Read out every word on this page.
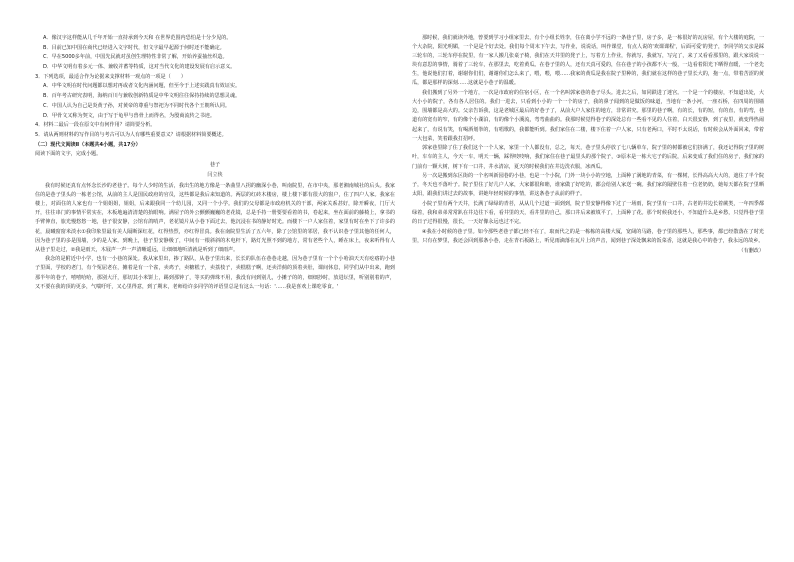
A．像汉字这样能从几千年开始一直持承到今天和 在世界范围内恐怕是十分少见的。

B．目前已知中国在商代已经进入文字时代，但文字最早起源于何时还不能确定。

C．早在5000多年前，中国先民就对虽创生理特性非常了解，开始养蚕抽丝织造。

D．中华文明有着多元一体、兼收并蓄等特质，这对当代文化的建设发展有启示意义。

3．下列选项，最适合作为论据来支撑材料一观点的一项是（　　）

A．中华文明在时代问题都以想对再或者文化内涵问题，但至今于上述实践真有效证实。

B．百年考古研究表明，海纳百川与兼收创新特质是中华文明往往保持持续的思想灵魂。

C．中国人认为自己是炎黄子孙，对黄帝的尊重与祭祀为不同时代各个王朝所认同。

D．甲骨文又称为契文，由于写于龟甲与兽骨上而得名，为殷商流传之书迹。

4．材料二最后一段在原文中有何作用？请简要分析。

5．请从两则材料的写作目的与考古可以为人有哪些重要意义？请根据材料简要概述。

（二）现代文阅读Ⅱ（本题共4小题，共17分）

阅读下面的文字，完成小题。

巷子

闫立侠

我有时候还真有点怀念长沙的老巷子。每个人少时的生活，我出生的地方像是一条曲里八拐的幽深小巷，叫南院里，在市中央，那老湘南城社的后头。我家住的是巷子里头的一栋老公馆，从前的主人是国民政府的官员，这些都是我后来知道的。两层的红砖木楼房，楼上楼下都有很大的窗户，住了四户人家。我家在楼上，对面住的人家也有一个姐姐姐，姐姐，后来跟我同一个幼儿园，又同一个小学。我们的父母都是市政府机关的干部，两家关系甚好，除开瞬夜，门厅大开，往往串门的事情平常实在，木板地遍清清楚的抬眼响。满屋子的外公颤颤巍巍的老花镜，总是手持一册要要看着的书，卷起来，坐在面前的藤椅上，拿书的手臂伸直，旅光慢悠悠一地，巷子很安静，公馆有鸽哨声，老花镜片从小巷下面过去，他沉浸在书的静好时光。而楼下一户人家住着，家里有时在坐下了许多的花，晨曦窗窗米淡水①我印象里最有美人隔断深红花，红得热烈，亦红得冒真。我在南院里生活了五六年，除了公馆里的邻居，我不认识巷子里其他的任何人，因为巷子里的多是围墙，少的是人家。到晚上，巷子里安静极了，中间有一根斜斜的木电杆下，路灯光照不到的地方，常有老些个人，睡在床上，夜来听得有人从巷子里走过，②我是雨天，木屐声一声一声清晰遥远，让细细地听清就是听到了细雨声。

我念的是附近中小学，也有一小巷的深处。我从家里出，掺了路队，从巷子里出来，长长的队伍在巷巷走越，因为巷子里有一个个小哈油天天有疙瘩的小巷子里面，学校的老门，有个冤屈老在，摊着是有一个雀，卖鸡子，卖糖糕子，卖荔枝子，卖糕糕子啊，还卖洋蓟的顶着卖肚，课间休息，同学们从中出来，跑到那半年的巷子，嘻嘻哈哈，那别大汗，那切其小米饼上，踢到那钟了，等买的弹珠不用，我没有问到别儿，小摊子的的，细细抄时，放进坛里，听别别着的声，又不要在我的顶的更多，气喘吁吁，又心里得意，到了期末，老师给许多同学的评语里总是有这么一句话：'……我是喜欢上课吃零食。'

那时候，我们就读外地，曾要到学习小组家里去，有个小组长姓李，住在离小学不远的一条巷子里，房子多，是一栋很好的瓦房屋，有个大楼的庭院，一个大杂院，阳光明媚，一个是是个好去处。我们每个周末下午去，写作业，说说话，叫作课堂，有点人说的'欢课课程'，后面可爱'的凳子，李同学的父亲是踩三轮车的，三轮车停在院里，有一家人搬几张桌子椅，我们在天井里的凳子上，写着方上作业，你就写，我就写，写完了，来了又看看那里的，跟大家说说一块有意思的事情，骑着了三轮车，在那里去，吃着黄瓜。在巷子里的人，还有天真可爱的，住在巷子的小孩都不大一般，一边看着阳光下晒得直暖，一个老先生，他说他们打着，谢谢你们们，谢谢你们怎么来了，喂，喂，喂……我家的黄瓜是我在院子里种的，我们就在这样的巷子里长大的，拖一点，带着苦涩的黄瓜，都是那样的深刻……这就是小巷子的温暖。

我们搬到了另外一个地方，一次是市政府的住宿小区，在一个名叫郭家巷的巷子尽头。进去之后，如同跌进了迷宫。一个是一个的楼房，不知道出处，大大小小的院子，各有各人居住的。我们一进去，只看到小小的一个一个的房子，我的鼻子闻到的是做饭的味道，当地有一条小河，一座石桥，在四周的围墙边，围墙都是高大的。父亲告诉我，这是老城区最后的好巷子了，从前大户人家住的地方，非常讲究。那里的巷子啊，有的长，有的短，有的直，有的弯，巷道有的宽有的窄，有的像个小湖泊，有的像个小溪流，弯弯曲曲的。我那时候觉得巷子的深处总有一些看不见的人住着，白天很安静，到了夜里，就变得热闹起来了，有说有笑，有喝酒划拳的，有唱歌的，我都能听到。我们家住在二楼，楼下住着一户人家，只有老两口，平时不太说话，有时候会从外面回来，带着一大包菜，笑着跟我打招呼。

郭家巷里除了住了我们这个一个人家，家里一个人都没有，总之，每天，巷子里头停放了七八辆单车，院子里的树都被它们挤满了，我还记得院子里的树叶，车车的主人，今天一车，明天一辆，踩得吱吱响，我们家住在巷子最里头的那个院子，③原本是一栋大宅子的后院，后来变成了我们住的房子，我们家的门前有一颗大树，树下有一口井，井水清凉，夏天的时候我们在井边洗衣服，冰西瓜。

另一次是搬到东区街的一个名叫新园巷的小巷，也是一个小院，门外一块小小的空地，上面种了满地的青菜，有一棵树，长得高高大大的，遮住了半个院子，冬天也不落叶子。院子里住了好几户人家，大家都很和睦，谁家做了好吃的，都会给别人家送一碗。我们家的隔壁住着一位老奶奶，她每天都在院子里晒太阳，跟我们讲过去的故事，讲她年轻时候的事情，讲这条巷子从前的样子。

小院子里有两个天井，长满了绿绿的青苔，从从几个过道一面到到，院子里安静得像下过了一场雨，院子里有一口井，古老的井边长着蕨类，一年四季都绿着，我和弟弟常常趴在井边往下看，看井里的天，看井里的自己，那口井后来被填平了，上面种了花。那个时候我还小，不知道什么是乡愁，只觉得巷子里的日子过得很慢，很长，一天好像永远也过不完。

④我在小时候的巷子里。如今那些老巷子都已经不在了，取而代之的是一栋栋的高楼大厦，宽阔的马路，巷子里的那些人，那些事，都已经散落在了时光里，只有在梦里，我还会回到那条小巷，走在青石板路上，听见雨滴落在瓦片上的声音，闻到巷子深处飘来的饭菜香，这就是我心中的巷子，我永远的故乡。

（有删改）
